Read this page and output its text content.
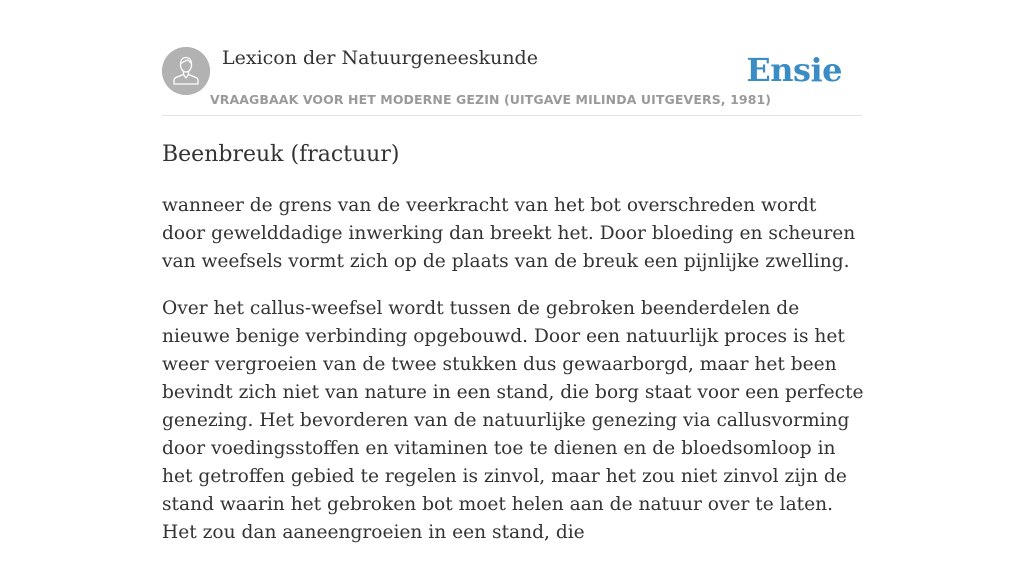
Lexicon der Natuurgeneeskunde
VRAAGBAAK VOOR HET MODERNE GEZIN (UITGAVE MILINDA UITGEVERS, 1981)
Ensie
Beenbreuk (fractuur)

wanneer de grens van de veerkracht van het bot overschreden wordt door gewelddadige inwerking dan breekt het. Door bloeding en scheuren van weefsels vormt zich op de plaats van de breuk een pijnlijke zwelling.

Over het callus-weefsel wordt tussen de gebroken beenderdelen de nieuwe benige verbinding opgebouwd. Door een natuurlijk proces is het weer vergroeien van de twee stukken dus gewaarborgd, maar het been bevindt zich niet van nature in een stand, die borg staat voor een perfecte genezing. Het bevorderen van de natuurlijke genezing via callusvorming door voedingsstoffen en vitaminen toe te dienen en de bloedsomloop in het getroffen gebied te regelen is zinvol, maar het zou niet zinvol zijn de stand waarin het gebroken bot moet helen aan de natuur over te laten. Het zou dan aaneengroeien in een stand, die
